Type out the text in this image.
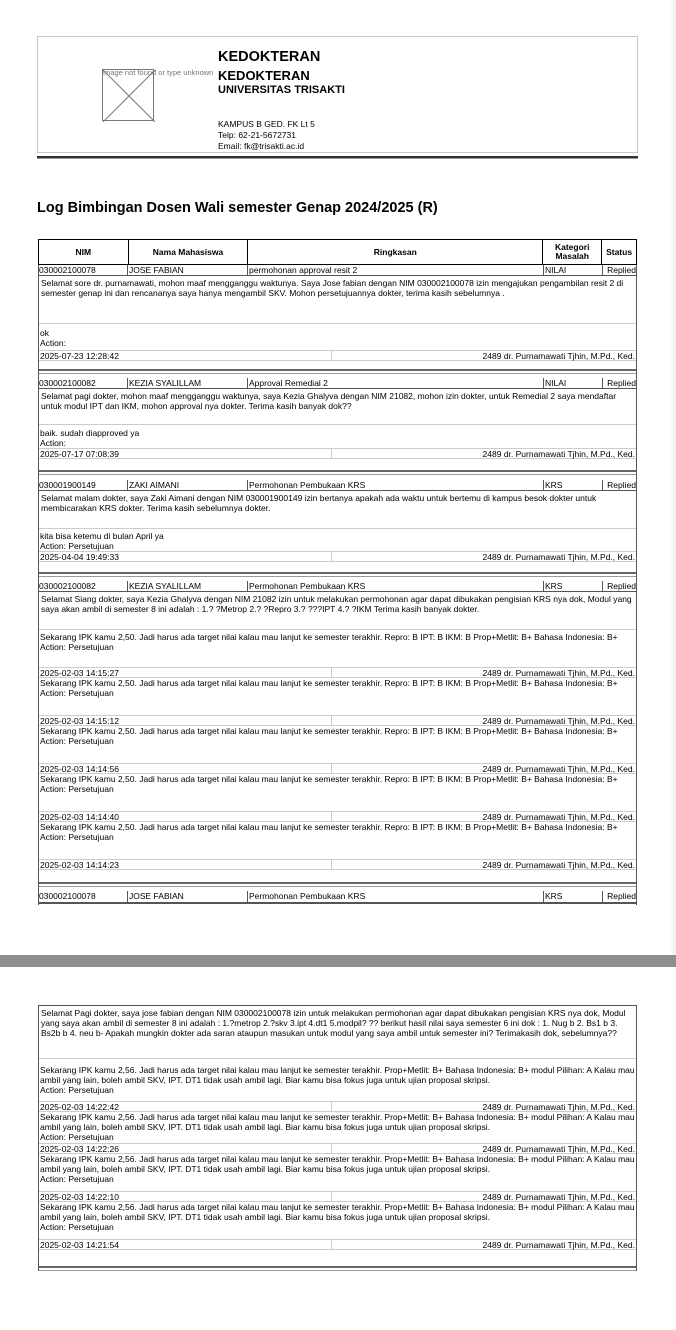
Image not found or type unknown
KEDOKTERAN
KEDOKTERAN
UNIVERSITAS TRISAKTI
KAMPUS B GED. FK Lt 5
Telp: 62-21-5672731
Email: fk@trisakti.ac.id
Log Bimbingan Dosen Wali semester Genap 2024/2025 (R)
NIM	Nama Mahasiswa	Ringkasan	Kategori Masalah	Status
030002100078	JOSE FABIAN	permohonan approval resit 2	NILAI	Replied
Selamat sore dr. purnamawati, mohon maaf mengganggu waktunya. Saya Jose fabian dengan NIM 030002100078 izin mengajukan pengambilan resit 2 di semester genap ini dan rencananya saya hanya mengambil SKV. Mohon persetujuannya dokter, terima kasih sebelumnya .
ok
Action:
2025-07-23 12:28:42	2489 dr. Purnamawati Tjhin, M.Pd., Ked.
030002100082	KEZIA SYALILLAM	Approval Remedial 2	NILAI	Replied
Selamat pagi dokter, mohon maaf mengganggu waktunya, saya Kezia Ghalyva dengan NIM 21082, mohon izin dokter, untuk Remedial 2 saya mendaftar untuk modul IPT dan IKM, mohon approval nya dokter. Terima kasih banyak dok??
baik. sudah diapproved ya
Action:
2025-07-17 07:08:39	2489 dr. Purnamawati Tjhin, M.Pd., Ked.
030001900149	ZAKI AIMANI	Permohonan Pembukaan KRS	KRS	Replied
Selamat malam dokter, saya Zaki Aimani dengan NIM 030001900149 izin bertanya apakah ada waktu untuk bertemu di kampus besok dokter untuk membicarakan KRS dokter. Terima kasih sebelumnya dokter.
kita bisa ketemu di bulan April ya
Action: Persetujuan
2025-04-04 19:49:33	2489 dr. Purnamawati Tjhin, M.Pd., Ked.
030002100082	KEZIA SYALILLAM	Permohonan Pembukaan KRS	KRS	Replied
Selamat Siang dokter, saya Kezia Ghalyva dengan NIM 21082 izin untuk melakukan permohonan agar dapat dibukakan pengisian KRS nya dok, Modul yang saya akan ambil di semester 8 ini adalah : 1.? ?Metrop 2.? ?Repro 3.? ???IPT 4.? ?IKM Terima kasih banyak dokter.
Sekarang IPK kamu 2,50. Jadi harus ada target nilai kalau mau lanjut ke semester terakhir. Repro: B IPT: B IKM: B Prop+Metlit: B+ Bahasa Indonesia: B+
Action: Persetujuan
2025-02-03 14:15:27	2489 dr. Purnamawati Tjhin, M.Pd., Ked.
Sekarang IPK kamu 2,50. Jadi harus ada target nilai kalau mau lanjut ke semester terakhir. Repro: B IPT: B IKM: B Prop+Metlit: B+ Bahasa Indonesia: B+
Action: Persetujuan
2025-02-03 14:15:12	2489 dr. Purnamawati Tjhin, M.Pd., Ked.
Sekarang IPK kamu 2,50. Jadi harus ada target nilai kalau mau lanjut ke semester terakhir. Repro: B IPT: B IKM: B Prop+Metlit: B+ Bahasa Indonesia: B+
Action: Persetujuan
2025-02-03 14:14:56	2489 dr. Purnamawati Tjhin, M.Pd., Ked.
Sekarang IPK kamu 2,50. Jadi harus ada target nilai kalau mau lanjut ke semester terakhir. Repro: B IPT: B IKM: B Prop+Metlit: B+ Bahasa Indonesia: B+
Action: Persetujuan
2025-02-03 14:14:40	2489 dr. Purnamawati Tjhin, M.Pd., Ked.
Sekarang IPK kamu 2,50. Jadi harus ada target nilai kalau mau lanjut ke semester terakhir. Repro: B IPT: B IKM: B Prop+Metlit: B+ Bahasa Indonesia: B+
Action: Persetujuan
2025-02-03 14:14:23	2489 dr. Purnamawati Tjhin, M.Pd., Ked.
030002100078	JOSE FABIAN	Permohonan Pembukaan KRS	KRS	Replied
Selamat Pagi dokter, saya jose fabian dengan NIM 030002100078 izin untuk melakukan permohonan agar dapat dibukakan pengisian KRS nya dok, Modul yang saya akan ambil di semester 8 ini adalah : 1.?metrop 2.?skv 3.ipt 4.dt1 5.modpil? ?? berikut hasil nilai saya semester 6 ini dok : 1. Nug b 2. Bs1 b 3. Bs2b b 4. neu b- Apakah mungkin dokter ada saran ataupun masukan untuk modul yang saya ambil untuk semester ini? Terimakasih dok, sebelumnya??
Sekarang IPK kamu 2,56. Jadi harus ada target nilai kalau mau lanjut ke semester terakhir. Prop+Metlit: B+ Bahasa Indonesia: B+ modul Pilihan: A Kalau mau ambil yang lain, boleh ambil SKV, IPT. DT1 tidak usah ambil lagi. Biar kamu bisa fokus juga untuk ujian proposal skripsi.
Action: Persetujuan
2025-02-03 14:22:42	2489 dr. Purnamawati Tjhin, M.Pd., Ked.
Sekarang IPK kamu 2,56. Jadi harus ada target nilai kalau mau lanjut ke semester terakhir. Prop+Metlit: B+ Bahasa Indonesia: B+ modul Pilihan: A Kalau mau ambil yang lain, boleh ambil SKV, IPT. DT1 tidak usah ambil lagi. Biar kamu bisa fokus juga untuk ujian proposal skripsi.
Action: Persetujuan
2025-02-03 14:22:26	2489 dr. Purnamawati Tjhin, M.Pd., Ked.
Sekarang IPK kamu 2,56. Jadi harus ada target nilai kalau mau lanjut ke semester terakhir. Prop+Metlit: B+ Bahasa Indonesia: B+ modul Pilihan: A Kalau mau ambil yang lain, boleh ambil SKV, IPT. DT1 tidak usah ambil lagi. Biar kamu bisa fokus juga untuk ujian proposal skripsi.
Action: Persetujuan
2025-02-03 14:22:10	2489 dr. Purnamawati Tjhin, M.Pd., Ked.
Sekarang IPK kamu 2,56. Jadi harus ada target nilai kalau mau lanjut ke semester terakhir. Prop+Metlit: B+ Bahasa Indonesia: B+ modul Pilihan: A Kalau mau ambil yang lain, boleh ambil SKV, IPT. DT1 tidak usah ambil lagi. Biar kamu bisa fokus juga untuk ujian proposal skripsi.
Action: Persetujuan
2025-02-03 14:21:54	2489 dr. Purnamawati Tjhin, M.Pd., Ked.
